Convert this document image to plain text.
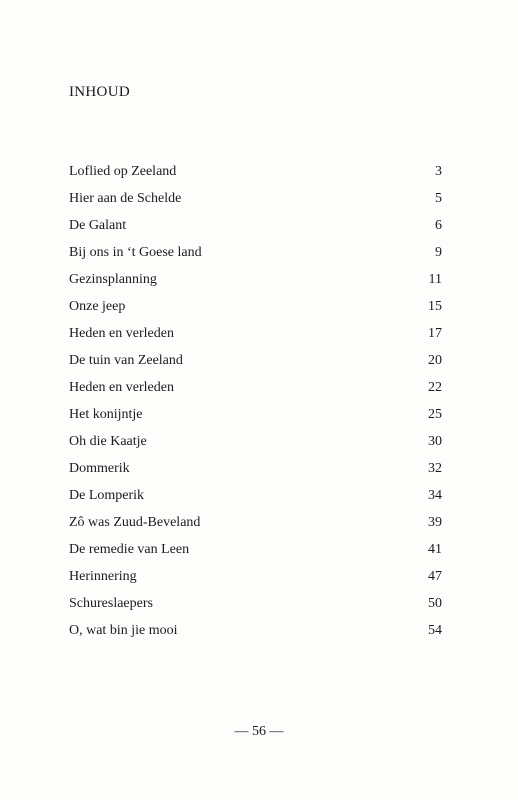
INHOUD
Loflied op Zeeland	3
Hier aan de Schelde	5
De Galant	6
Bij ons in ‘t Goese land	9
Gezinsplanning	11
Onze jeep	15
Heden en verleden	17
De tuin van Zeeland	20
Heden en verleden	22
Het konijntje	25
Oh die Kaatje	30
Dommerik	32
De Lomperik	34
Zô was Zuud-Beveland	39
De remedie van Leen	41
Herinnering	47
Schureslaepers	50
O, wat bin jie mooi	54
— 56 —
